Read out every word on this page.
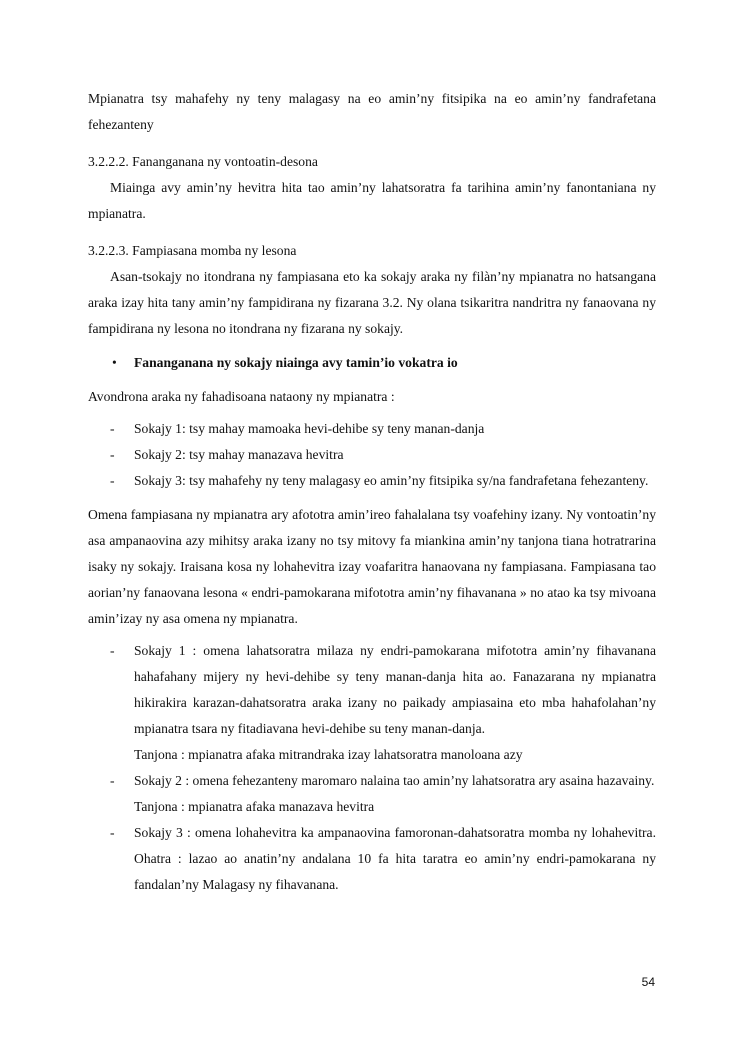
Mpianatra tsy mahafehy ny teny malagasy na eo amin’ny fitsipika na eo amin’ny fandrafetana fehezanteny

3.2.2.2. Fananganana ny vontoatin-desona

Miainga avy amin’ny hevitra hita tao amin’ny lahatsoratra fa tarihina amin’ny fanontaniana ny mpianatra.

3.2.2.3. Fampiasana momba ny lesona

Asan-tsokajy no itondrana ny fampiasana eto ka sokajy araka ny filàn’ny mpianatra no hatsangana araka izay hita tany amin’ny fampidirana ny fizarana 3.2. Ny olana tsikaritra nandritra ny fanaovana ny fampidirana ny lesona no itondrana ny fizarana ny sokajy.

• Fananganana ny sokajy niainga avy tamin’io vokatra io

Avondrona araka ny fahadisoana nataony ny mpianatra :

- Sokajy 1: tsy mahay mamoaka hevi-dehibe sy teny manan-danja
- Sokajy 2: tsy mahay manazava hevitra
- Sokajy 3: tsy mahafehy ny teny malagasy eo amin’ny fitsipika sy/na fandrafetana fehezanteny.

Omena fampiasana ny mpianatra ary afototra amin’ireo fahalalana tsy voafehiny izany. Ny vontoatin’ny asa ampanaovina azy mihitsy araka izany no tsy mitovy fa miankina amin’ny tanjona tiana hotratrarina isaky ny sokajy. Iraisana kosa ny lohahevitra izay voafaritra hanaovana ny fampiasana. Fampiasana tao aorian’ny fanaovana lesona « endri-pamokarana mifototra amin’ny fihavanana » no atao ka tsy mivoana amin’izay ny asa omena ny mpianatra.

- Sokajy 1 : omena lahatsoratra milaza ny endri-pamokarana mifototra amin’ny fihavanana hahafahany mijery ny hevi-dehibe sy teny manan-danja hita ao. Fanazarana ny mpianatra hikirakira karazan-dahatsoratra araka izany no paikady ampiasaina eto mba hahafolahan’ny mpianatra tsara ny fitadiavana hevi-dehibe su teny manan-danja.
Tanjona : mpianatra afaka mitrandraka izay lahatsoratra manoloana azy
- Sokajy 2 : omena fehezanteny maromaro nalaina tao amin’ny lahatsoratra ary asaina hazavainy.
Tanjona : mpianatra afaka manazava hevitra
- Sokajy 3 : omena lohahevitra ka ampanaovina famoronan-dahatsoratra momba ny lohahevitra. Ohatra : lazao ao anatin’ny andalana 10 fa hita taratra eo amin’ny endri-pamokarana ny fandalan’ny Malagasy ny fihavanana.
54
